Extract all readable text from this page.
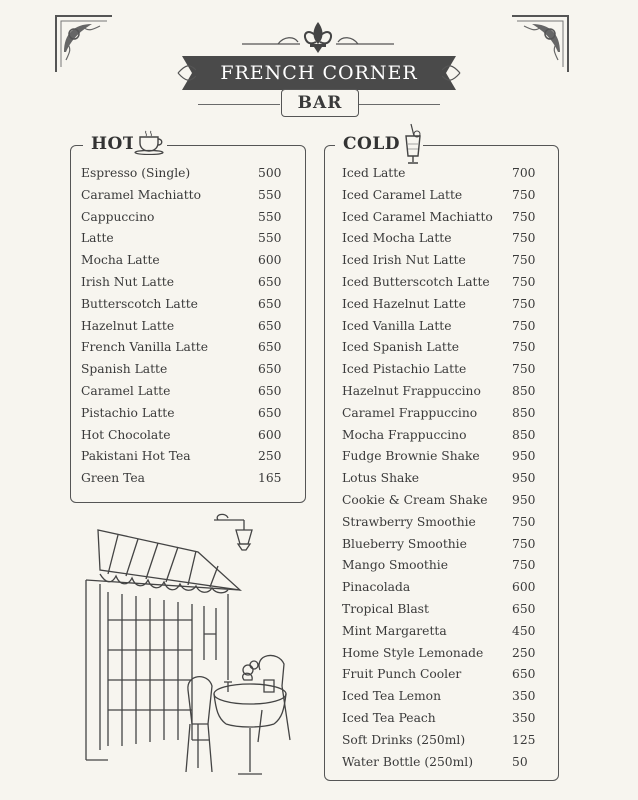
FRENCH CORNER
BAR
HOT
Espresso (Single)	500
Caramel Machiatto	550
Cappuccino	550
Latte	550
Mocha Latte	600
Irish Nut Latte	650
Butterscotch Latte	650
Hazelnut Latte	650
French Vanilla Latte	650
Spanish Latte	650
Caramel Latte	650
Pistachio Latte	650
Hot Chocolate	600
Pakistani Hot Tea	250
Green Tea	165
COLD
Iced Latte	700
Iced Caramel Latte	750
Iced Caramel Machiatto 750
Iced Mocha Latte	750
Iced Irish Nut Latte	750
Iced Butterscotch Latte 750
Iced Hazelnut Latte	750
Iced Vanilla Latte	750
Iced Spanish Latte	750
Iced Pistachio Latte	750
Hazelnut Frappuccino	850
Caramel Frappuccino	850
Mocha Frappuccino	850
Fudge Brownie Shake	950
Lotus Shake	950
Cookie & Cream Shake 950
Strawberry Smoothie	750
Blueberry Smoothie	750
Mango Smoothie	750
Pinacolada	600
Tropical Blast	650
Mint Margaretta	450
Home Style Lemonade 250
Fruit Punch Cooler	650
Iced Tea Lemon	350
Iced Tea Peach	350
Soft Drinks (250ml)	125
Water Bottle (250ml)	50
